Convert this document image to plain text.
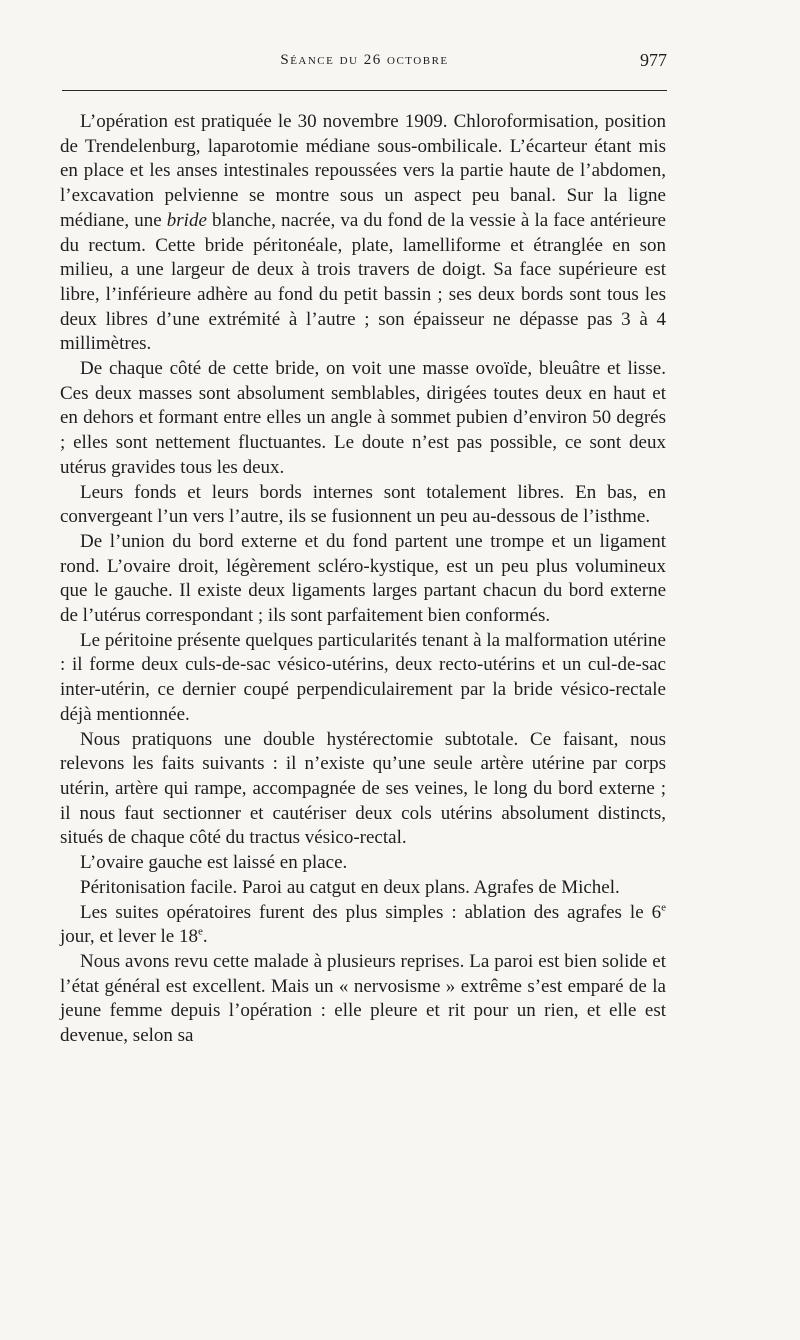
Séance du 26 octobre	977

L’opération est pratiquée le 30 novembre 1909. Chloroformisation, position de Trendelenburg, laparotomie médiane sous-ombilicale. L’écarteur étant mis en place et les anses intestinales repoussées vers la partie haute de l’abdomen, l’excavation pelvienne se montre sous un aspect peu banal. Sur la ligne médiane, une bride blanche, nacrée, va du fond de la vessie à la face antérieure du rectum. Cette bride péritonéale, plate, lamelliforme et étranglée en son milieu, a une largeur de deux à trois travers de doigt. Sa face supérieure est libre, l’inférieure adhère au fond du petit bassin ; ses deux bords sont tous les deux libres d’une extrémité à l’autre ; son épaisseur ne dépasse pas 3 à 4 millimètres.

De chaque côté de cette bride, on voit une masse ovoïde, bleuâtre et lisse. Ces deux masses sont absolument semblables, dirigées toutes deux en haut et en dehors et formant entre elles un angle à sommet pubien d’environ 50 degrés ; elles sont nettement fluctuantes. Le doute n’est pas possible, ce sont deux utérus gravides tous les deux.

Leurs fonds et leurs bords internes sont totalement libres. En bas, en convergeant l’un vers l’autre, ils se fusionnent un peu au-dessous de l’isthme.

De l’union du bord externe et du fond partent une trompe et un ligament rond. L’ovaire droit, légèrement scléro-kystique, est un peu plus volumineux que le gauche. Il existe deux ligaments larges partant chacun du bord externe de l’utérus correspondant ; ils sont parfaitement bien conformés.

Le péritoine présente quelques particularités tenant à la malformation utérine : il forme deux culs-de-sac vésico-utérins, deux recto-utérins et un cul-de-sac inter-utérin, ce dernier coupé perpendiculairement par la bride vésico-rectale déjà mentionnée.

Nous pratiquons une double hystérectomie subtotale. Ce faisant, nous relevons les faits suivants : il n’existe qu’une seule artère utérine par corps utérin, artère qui rampe, accompagnée de ses veines, le long du bord externe ; il nous faut sectionner et cautériser deux cols utérins absolument distincts, situés de chaque côté du tractus vésico-rectal.

L’ovaire gauche est laissé en place.

Péritonisation facile. Paroi au catgut en deux plans. Agrafes de Michel.

Les suites opératoires furent des plus simples : ablation des agrafes le 6e jour, et lever le 18e.

Nous avons revu cette malade à plusieurs reprises. La paroi est bien solide et l’état général est excellent. Mais un « nervosisme » extrême s’est emparé de la jeune femme depuis l’opération : elle pleure et rit pour un rien, et elle est devenue, selon sa
